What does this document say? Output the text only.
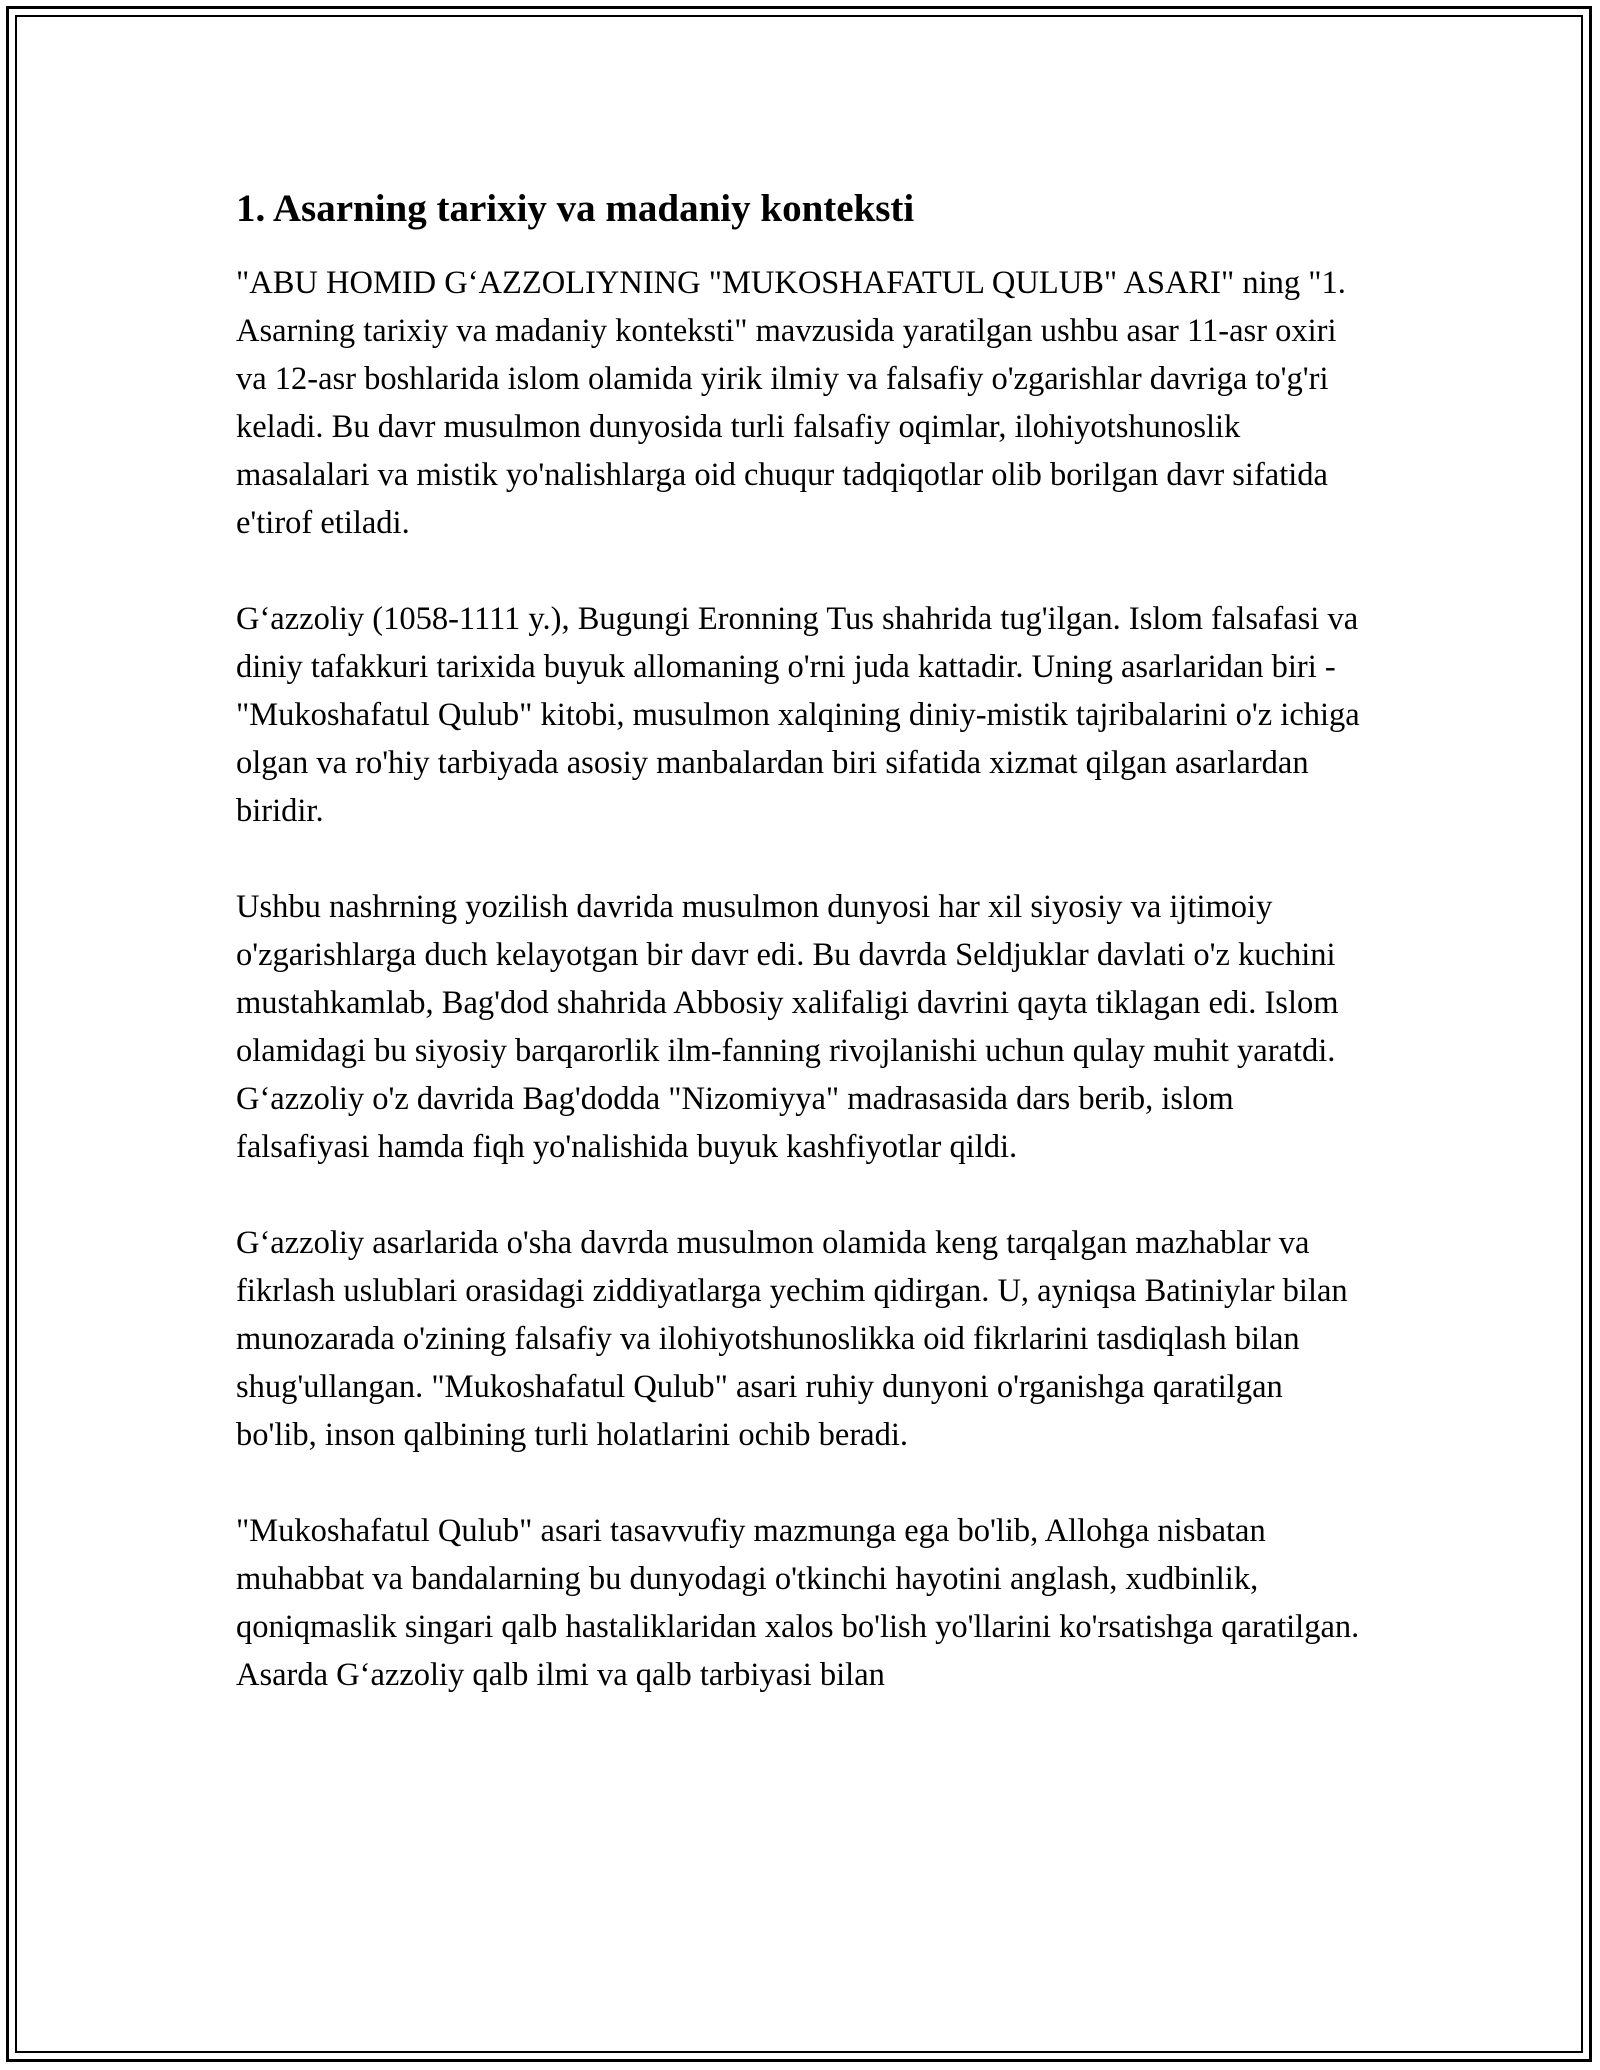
1. Asarning tarixiy va madaniy konteksti

"ABU HOMID G‘AZZOLIYNING "MUKOSHAFATUL QULUB" ASARI" ning "1. Asarning tarixiy va madaniy konteksti" mavzusida yaratilgan ushbu asar 11-asr oxiri va 12-asr boshlarida islom olamida yirik ilmiy va falsafiy o'zgarishlar davriga to'g'ri keladi. Bu davr musulmon dunyosida turli falsafiy oqimlar, ilohiyotshunoslik masalalari va mistik yo'nalishlarga oid chuqur tadqiqotlar olib borilgan davr sifatida e'tirof etiladi.

G‘azzoliy (1058-1111 y.), Bugungi Eronning Tus shahrida tug'ilgan. Islom falsafasi va diniy tafakkuri tarixida buyuk allomaning o'rni juda kattadir. Uning asarlaridan biri - "Mukoshafatul Qulub" kitobi, musulmon xalqining diniy-mistik tajribalarini o'z ichiga olgan va ro'hiy tarbiyada asosiy manbalardan biri sifatida xizmat qilgan asarlardan biridir.

Ushbu nashrning yozilish davrida musulmon dunyosi har xil siyosiy va ijtimoiy o'zgarishlarga duch kelayotgan bir davr edi. Bu davrda Seldjuklar davlati o'z kuchini mustahkamlab, Bag'dod shahrida Abbosiy xalifaligi davrini qayta tiklagan edi. Islom olamidagi bu siyosiy barqarorlik ilm-fanning rivojlanishi uchun qulay muhit yaratdi. G‘azzoliy o'z davrida Bag'dodda "Nizomiyya" madrasasida dars berib, islom falsafiyasi hamda fiqh yo'nalishida buyuk kashfiyotlar qildi.

G‘azzoliy asarlarida o'sha davrda musulmon olamida keng tarqalgan mazhablar va fikrlash uslublari orasidagi ziddiyatlarga yechim qidirgan. U, ayniqsa Batiniylar bilan munozarada o'zining falsafiy va ilohiyotshunoslikka oid fikrlarini tasdiqlash bilan shug'ullangan. "Mukoshafatul Qulub" asari ruhiy dunyoni o'rganishga qaratilgan bo'lib, inson qalbining turli holatlarini ochib beradi.

"Mukoshafatul Qulub" asari tasavvufiy mazmunga ega bo'lib, Allohga nisbatan muhabbat va bandalarning bu dunyodagi o'tkinchi hayotini anglash, xudbinlik, qoniqmaslik singari qalb hastaliklaridan xalos bo'lish yo'llarini ko'rsatishga qaratilgan. Asarda G‘azzoliy qalb ilmi va qalb tarbiyasi bilan
